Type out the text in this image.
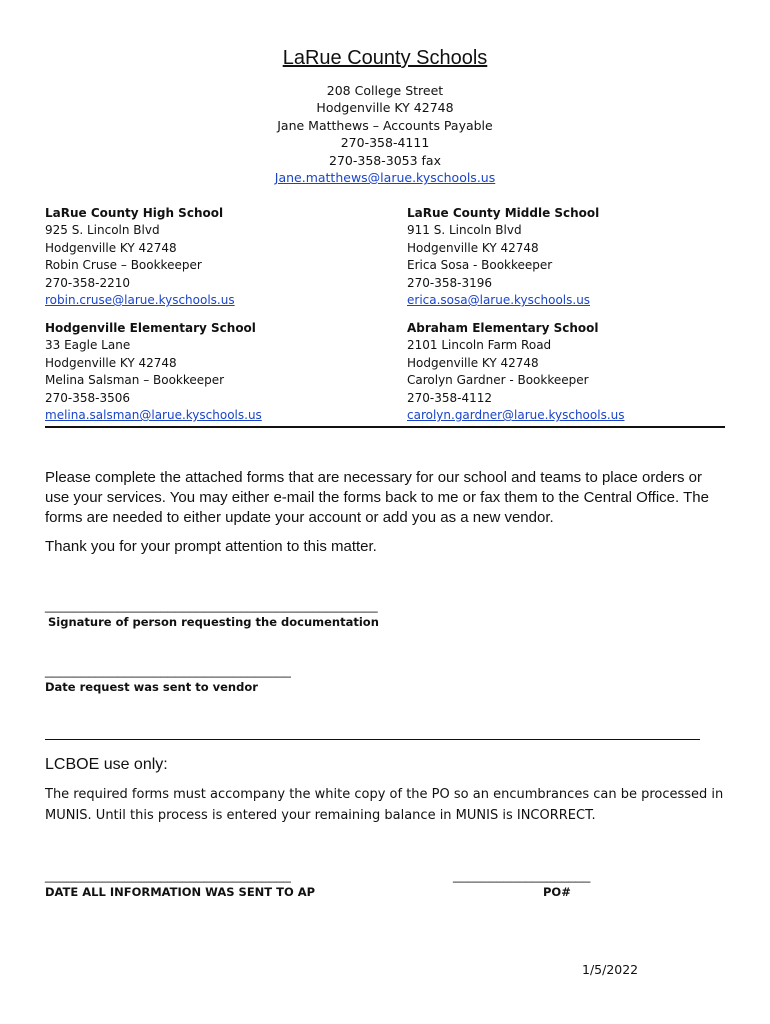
LaRue County Schools
208 College Street
Hodgenville KY 42748
Jane Matthews – Accounts Payable
270-358-4111
270-358-3053 fax
Jane.matthews@larue.kyschools.us
LaRue County High School
925 S. Lincoln Blvd
Hodgenville KY 42748
Robin Cruse – Bookkeeper
270-358-2210
robin.cruse@larue.kyschools.us
LaRue County Middle School
911 S. Lincoln Blvd
Hodgenville KY 42748
Erica Sosa - Bookkeeper
270-358-3196
erica.sosa@larue.kyschools.us
Hodgenville Elementary School
33 Eagle Lane
Hodgenville KY 42748
Melina Salsman – Bookkeeper
270-358-3506
melina.salsman@larue.kyschools.us
Abraham Elementary School
2101 Lincoln Farm Road
Hodgenville KY 42748
Carolyn Gardner - Bookkeeper
270-358-4112
carolyn.gardner@larue.kyschools.us
Please complete the attached forms that are necessary for our school and teams to place orders or use your services. You may either e-mail the forms back to me or fax them to the Central Office. The forms are needed to either update your account or add you as a new vendor.
Thank you for your prompt attention to this matter.
______________________________________________
Signature of person requesting the documentation
__________________________________
Date request was sent to vendor
LCBOE use only:
The required forms must accompany the white copy of the PO so an encumbrances can be processed in MUNIS. Until this process is entered your remaining balance in MUNIS is INCORRECT.
__________________________________
DATE ALL INFORMATION WAS SENT TO AP
___________________
PO#
1/5/2022
